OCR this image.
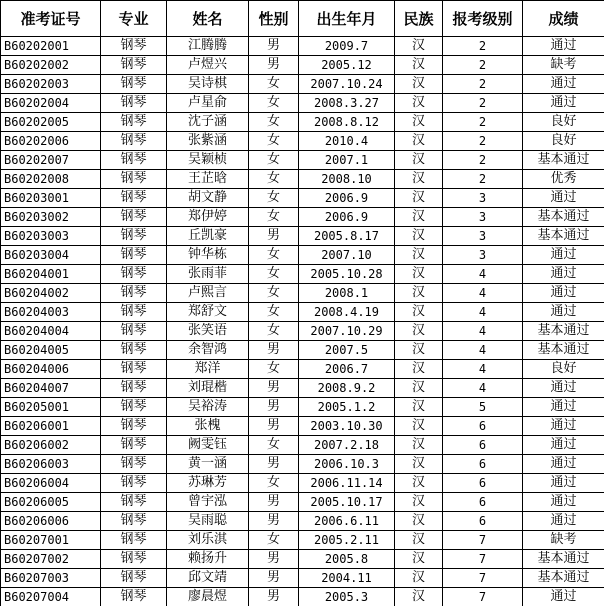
准考证号	专业	姓名	性别	出生年月	民族	报考级别	成绩
B60202001	钢琴	江腾腾	男	2009.7	汉	2	通过
B60202002	钢琴	卢煜兴	男	2005.12	汉	2	缺考
B60202003	钢琴	吴诗棋	女	2007.10.24	汉	2	通过
B60202004	钢琴	卢星俞	女	2008.3.27	汉	2	通过
B60202005	钢琴	沈子涵	女	2008.8.12	汉	2	良好
B60202006	钢琴	张紫涵	女	2010.4	汉	2	良好
B60202007	钢琴	吴颖桢	女	2007.1	汉	2	基本通过
B60202008	钢琴	王芷晗	女	2008.10	汉	2	优秀
B60203001	钢琴	胡文静	女	2006.9	汉	3	通过
B60203002	钢琴	郑伊婷	女	2006.9	汉	3	基本通过
B60203003	钢琴	丘凯豪	男	2005.8.17	汉	3	基本通过
B60203004	钢琴	钟华栋	女	2007.10	汉	3	通过
B60204001	钢琴	张雨菲	女	2005.10.28	汉	4	通过
B60204002	钢琴	卢熙言	女	2008.1	汉	4	通过
B60204003	钢琴	郑舒文	女	2008.4.19	汉	4	通过
B60204004	钢琴	张笑语	女	2007.10.29	汉	4	基本通过
B60204005	钢琴	余智鸿	男	2007.5	汉	4	基本通过
B60204006	钢琴	郑洋	女	2006.7	汉	4	良好
B60204007	钢琴	刘琨楷	男	2008.9.2	汉	4	通过
B60205001	钢琴	吴裕涛	男	2005.1.2	汉	5	通过
B60206001	钢琴	张槐	男	2003.10.30	汉	6	通过
B60206002	钢琴	阙雯钰	女	2007.2.18	汉	6	通过
B60206003	钢琴	黄一涵	男	2006.10.3	汉	6	通过
B60206004	钢琴	苏琳芳	女	2006.11.14	汉	6	通过
B60206005	钢琴	曾宇泓	男	2005.10.17	汉	6	通过
B60206006	钢琴	吴雨聪	男	2006.6.11	汉	6	通过
B60207001	钢琴	刘乐淇	女	2005.2.11	汉	7	缺考
B60207002	钢琴	赖扬升	男	2005.8	汉	7	基本通过
B60207003	钢琴	邱文靖	男	2004.11	汉	7	基本通过
B60207004	钢琴	廖晨煜	男	2005.3	汉	7	通过
